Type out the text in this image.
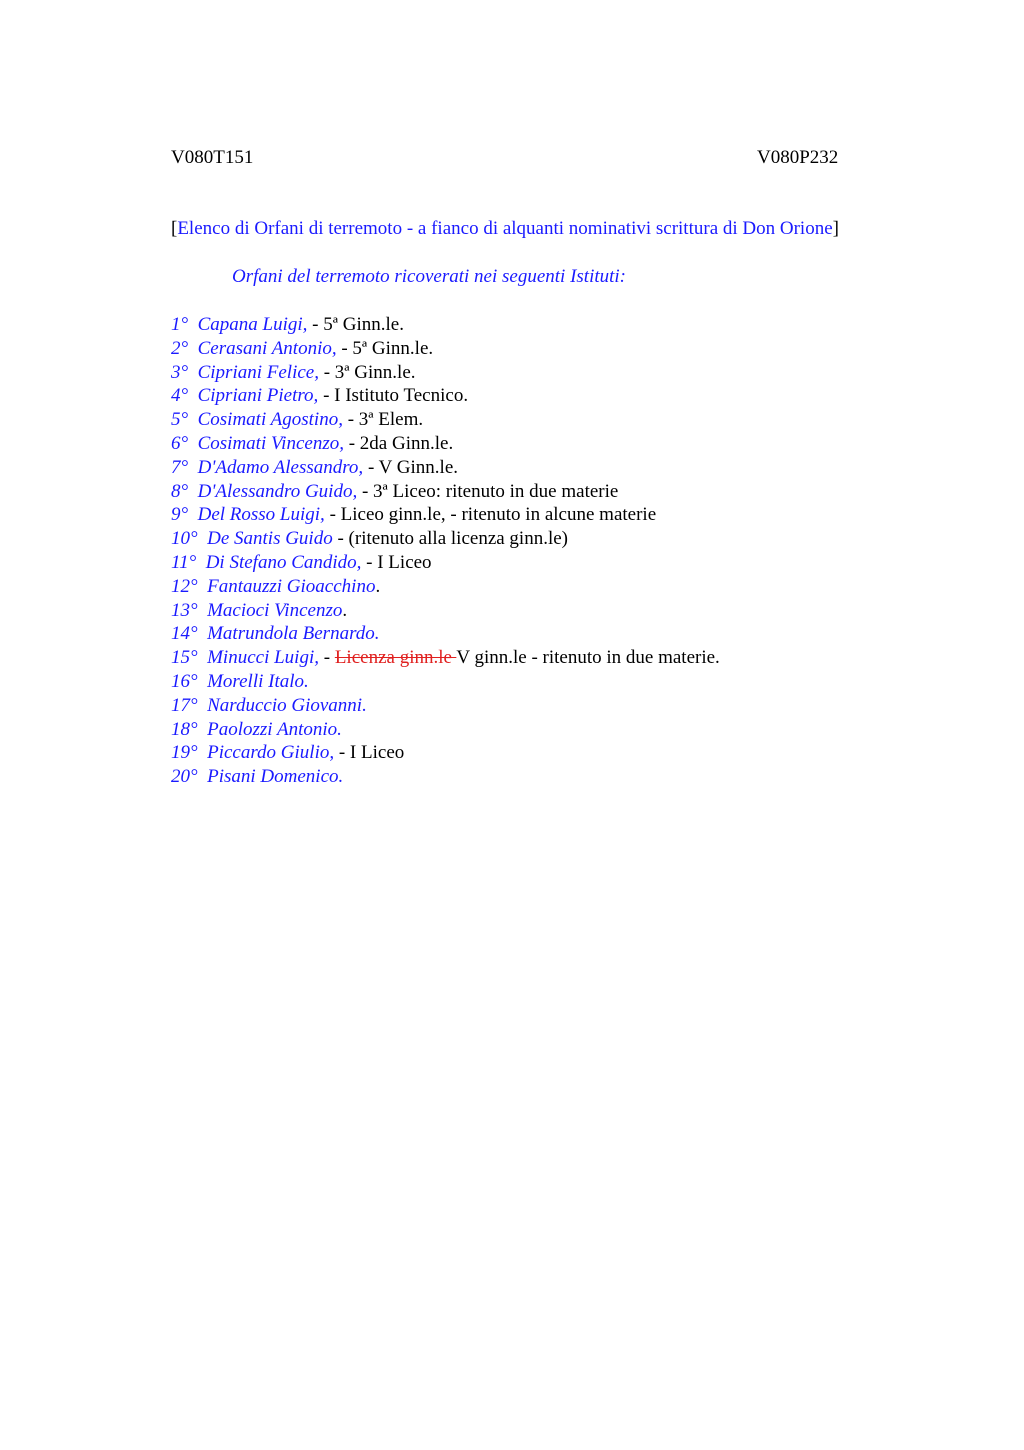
V080T151	V080P232
[Elenco di Orfani di terremoto - a fianco di alquanti nominativi scrittura di Don Orione]
Orfani del terremoto ricoverati nei seguenti Istituti:
1° Capana Luigi, - 5ª Ginn.le.
2° Cerasani Antonio, - 5ª Ginn.le.
3° Cipriani Felice, - 3ª Ginn.le.
4° Cipriani Pietro, - I Istituto Tecnico.
5° Cosimati Agostino, - 3ª Elem.
6° Cosimati Vincenzo, - 2da Ginn.le.
7° D'Adamo Alessandro, - V Ginn.le.
8° D'Alessandro Guido, - 3ª Liceo: ritenuto in due materie
9° Del Rosso Luigi, - Liceo ginn.le, - ritenuto in alcune materie
10° De Santis Guido - (ritenuto alla licenza ginn.le)
11° Di Stefano Candido, - I Liceo
12° Fantauzzi Gioacchino.
13° Macioci Vincenzo.
14° Matrundola Bernardo.
15° Minucci Luigi, - Licenza ginn.le V ginn.le - ritenuto in due materie.
16° Morelli Italo.
17° Narduccio Giovanni.
18° Paolozzi Antonio.
19° Piccardo Giulio, - I Liceo
20° Pisani Domenico.
